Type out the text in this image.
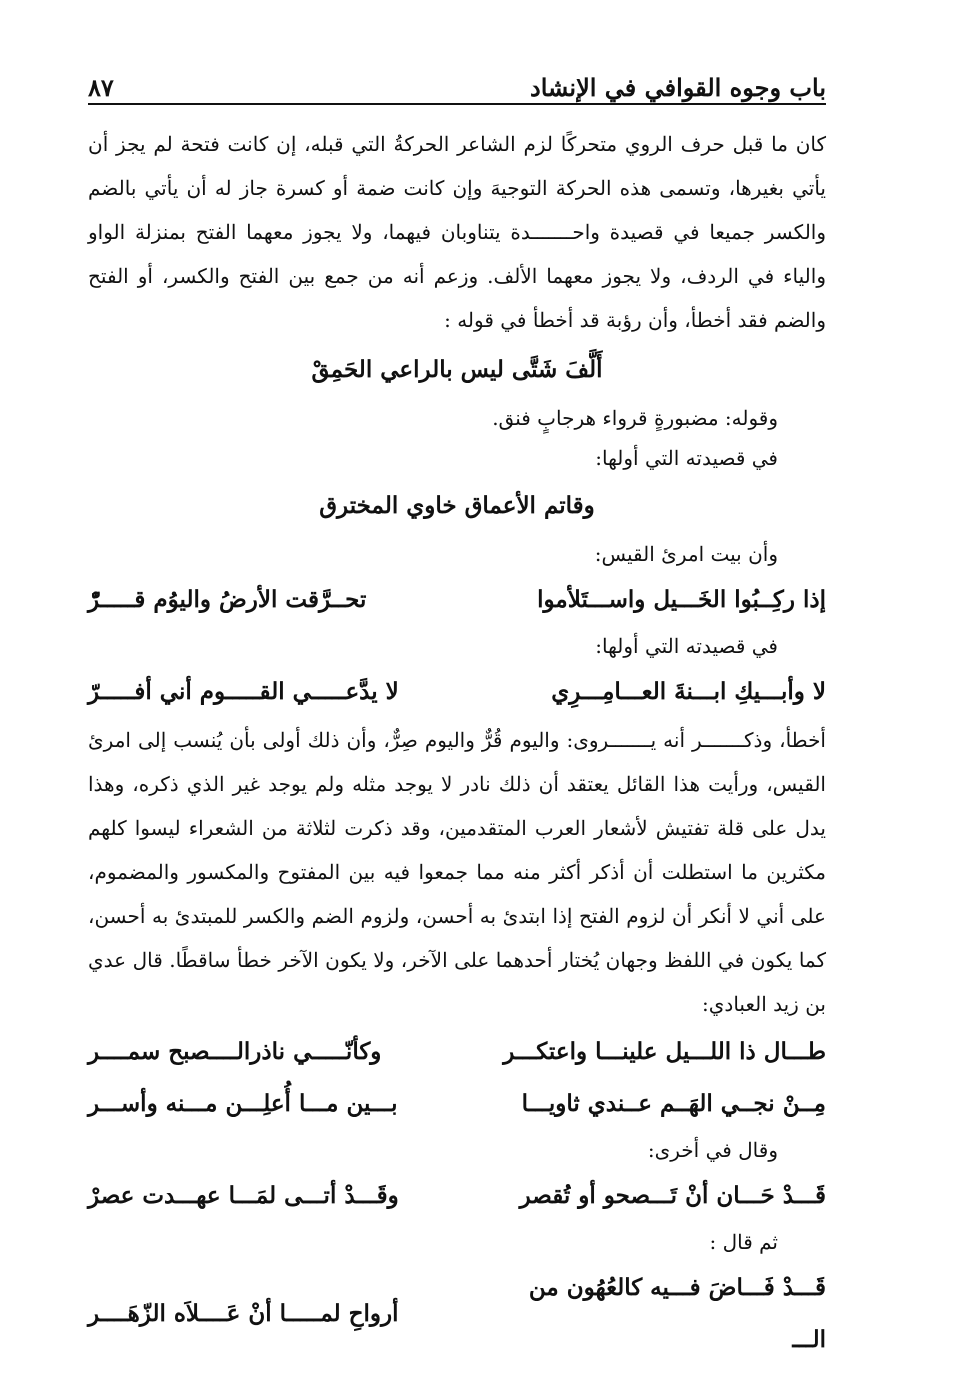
باب وجوه القوافي في الإنشاد
٨٧

كان ما قبل حرف الروي متحركًا لزم الشاعر الحركةُ التي قبله، إن كانت فتحة لم يجز أن يأتي بغيرها، وتسمى هذه الحركة التوجيهَ وإن كانت ضمة أو كسرة جاز له أن يأتي بالضم والكسر جميعا في قصيدة واحـــــــدة يتناوبان فيهما، ولا يجوز معهما الفتح بمنزلة الواو والياء في الردف، ولا يجوز معهما الألف. وزعم أنه من جمع بين الفتح والكسر، أو الفتح والضم فقد أخطأ، وأن رؤبة قد أخطأ في قوله :

أَلَّفَ شَتَّى ليس بالراعي الحَمِقْ
وقوله: مضبورةٍ قرواء هرجابٍ فنق.
في قصيدته التي أولها:
وقاتم الأعماق خاوي المخترق
وأن بيت امرئ القيس:
إذا ركِــبُوا الخَـــيل واســـتَلأموا
تحــرَّقت الأرضُ واليوُم قـــــرّْ
في قصيدته التي أولها:
لا وأبـــيكِ ابـــنةَ العـــامِـــرِي
لا يدَّعـــــي القـــــوم أني أفـــــرّ

أخطأ، وذكـــــــر أنه يـــــــروى: واليوم قُرٌّ واليوم صِرٌّ، وأن ذلك أولى بأن يُنسب إلى امرئ القيس، ورأيت هذا القائل يعتقد أن ذلك نادر لا يوجد مثله ولم يوجد غير الذي ذكره، وهذا يدل على قلة تفتيش لأشعار العرب المتقدمين، وقد ذكرت لثلاثة من الشعراء ليسوا كلهم مكثرين ما استطلت أن أذكر أكثر منه مما جمعوا فيه بين المفتوح والمكسور والمضموم، على أني لا أنكر أن لزوم الفتح إذا ابتدئ به أحسن، ولزوم الضم والكسر للمبتدئ به أحسن، كما يكون في اللفظ وجهان يُختار أحدهما على الآخر، ولا يكون الآخر خطأ ساقطًا. قال عدي بن زيد العبادي:

طـــال ذا اللـــيل علينـــا واعتكـــر
وكأنّـــــي ناذرالــــصبح سمــــر
مِــنْ نجــي الهَــم عــندي ثاويـــا
بـــين مـــا أُعلِـــن مـــنه وأســـر
وقال في أخرى:
قَـــدْ حَـــان أنْ تَـــصحو أو تُقصر
وقَـــدْ أتـــى لمَـــا عهـــدت عصرْ
ثم قال :
قَـــدْ فَـــاضَ فـــيه كالعُهُون من الـــ
أرواحِ لمـــــا أنْ عَــــلاَه الزّهَــــر
